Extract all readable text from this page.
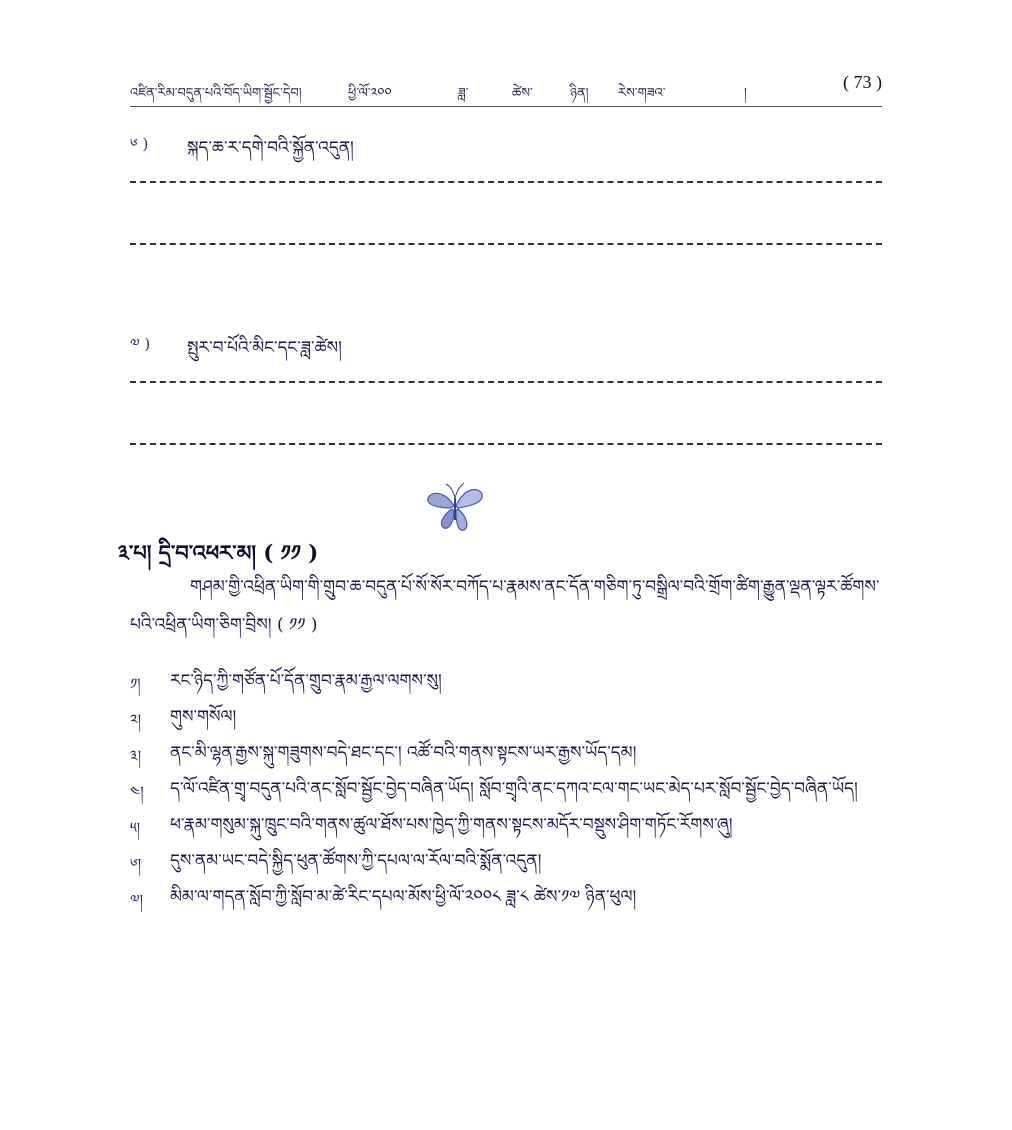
འཛིན་རིམ་བདུན་པའི་བོད་ཡིག་སྦྱོང་དེབ།	ཕྱི་ལོ་༢༠༠	ཟླ་	ཚེས་	ཉིན། རེས་གཟའ་	།
( 73 )
༦ ) སྐད་ཆ་ར་དགེ་བའི་སྐྱོན་འདུན།
༧ ) སྤུར་བ་པོའི་མིང་དང་ཟླ་ཚེས།
༣་པ། དྲི་བ་འཕར་མ། ( ༡༡ )
གཤམ་གྱི་འཕྲིན་ཡིག་གི་གྲུབ་ཆ་བདུན་པོ་སོ་སོར་བཀོད་པ་རྣམས་ནང་དོན་གཅིག་ཏུ་བསྒྲིལ་བའི་གྲོག་ཚིག་རྒྱུན་ལྡན་ལྟར་ཚོགས་པའི་འཕྲིན་ཡིག་ཅིག་བྲིས། ( ༡༡ )
༡། རང་ཉིད་ཀྱི་གཙོན་པོ་དོན་གྲུབ་རྣམ་རྒྱལ་ལགས་སུ།
༢། གུས་གསོལ།
༣། ནང་མི་ལྷན་རྒྱས་སྐུ་གཟུགས་བདེ་ཐང་དང་། འཚོ་བའི་གནས་སྟངས་ཡར་རྒྱས་ཡོད་དམ།
༤། ད་ལོ་འཛིན་གྲྭ་བདུན་པའི་ནང་སློབ་སྦྱོང་བྱེད་བཞིན་ཡོད། སློབ་གྲྭའི་ནང་དཀའ་ངལ་གང་ཡང་མེད་པར་སློབ་སྦྱོང་བྱེད་བཞིན་ཡོད།
༥། ཕ་རྣམ་གསུམ་སྐུ་ཁྲུང་བའི་གནས་ཚུལ་ཐོས་པས་ཁྱེད་ཀྱི་གནས་སྟངས་མདོར་བསྡུས་ཤིག་གཏོང་རོགས་ཞུ།
༦། དུས་ནམ་ཡང་བདེ་སྐྱིད་ཕུན་ཚོགས་ཀྱི་དཔལ་ལ་རོལ་བའི་སྨོན་འདུན།
༧། མིམ་ལ་གདན་སློབ་ཀྱི་སློབ་མ་ཚེ་རིང་དཔལ་མོས་ཕྱི་ལོ་༢༠༠༨ ཟླ་༨ ཚེས་༡༧ ཉིན་ཕུལ།
